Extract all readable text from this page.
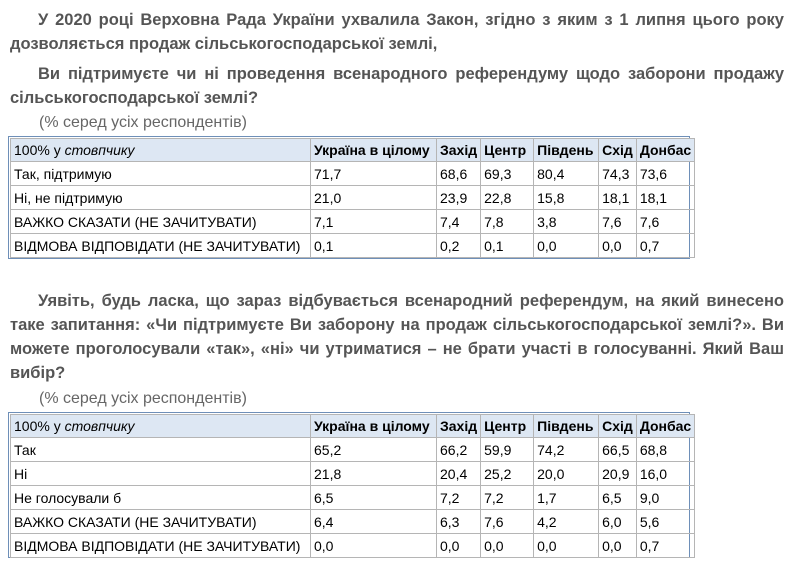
У 2020 році Верховна Рада України ухвалила Закон, згідно з яким з 1 липня цього року дозволяється продаж сільськогосподарської землі,

Ви підтримуєте чи ні проведення всенародного референдуму щодо заборони продажу сільськогосподарської землі?

(% серед усіх респондентів)

100% у стовпчику	Україна в цілому	Захід	Центр	Південь	Схід	Донбас
Так, підтримую	71,7	68,6	69,3	80,4	74,3	73,6
Ні, не підтримую	21,0	23,9	22,8	15,8	18,1	18,1
ВАЖКО СКАЗАТИ (НЕ ЗАЧИТУВАТИ)	7,1	7,4	7,8	3,8	7,6	7,6
ВІДМОВА ВІДПОВІДАТИ (НЕ ЗАЧИТУВАТИ)	0,1	0,2	0,1	0,0	0,0	0,7

Уявіть, будь ласка, що зараз відбувається всенародний референдум, на який винесено таке запитання: «Чи підтримуєте Ви заборону на продаж сільськогосподарської землі?». Ви можете проголосували «так», «ні» чи утриматися – не брати участі в голосуванні. Який Ваш вибір?

(% серед усіх респондентів)

100% у стовпчику	Україна в цілому	Захід	Центр	Південь	Схід	Донбас
Так	65,2	66,2	59,9	74,2	66,5	68,8
Ні	21,8	20,4	25,2	20,0	20,9	16,0
Не голосували б	6,5	7,2	7,2	1,7	6,5	9,0
ВАЖКО СКАЗАТИ (НЕ ЗАЧИТУВАТИ)	6,4	6,3	7,6	4,2	6,0	5,6
ВІДМОВА ВІДПОВІДАТИ (НЕ ЗАЧИТУВАТИ)	0,0	0,0	0,0	0,0	0,0	0,7
